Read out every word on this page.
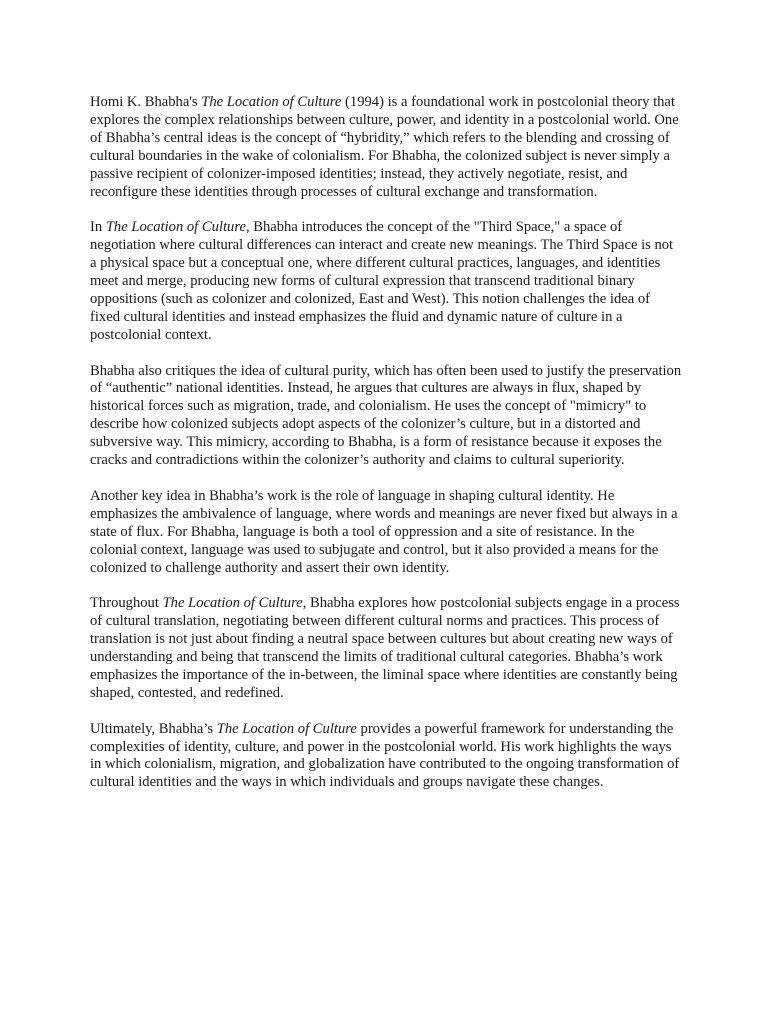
Homi K. Bhabha's The Location of Culture (1994) is a foundational work in postcolonial theory that explores the complex relationships between culture, power, and identity in a postcolonial world. One of Bhabha’s central ideas is the concept of “hybridity,” which refers to the blending and crossing of cultural boundaries in the wake of colonialism. For Bhabha, the colonized subject is never simply a passive recipient of colonizer-imposed identities; instead, they actively negotiate, resist, and reconfigure these identities through processes of cultural exchange and transformation.

In The Location of Culture, Bhabha introduces the concept of the "Third Space," a space of negotiation where cultural differences can interact and create new meanings. The Third Space is not a physical space but a conceptual one, where different cultural practices, languages, and identities meet and merge, producing new forms of cultural expression that transcend traditional binary oppositions (such as colonizer and colonized, East and West). This notion challenges the idea of fixed cultural identities and instead emphasizes the fluid and dynamic nature of culture in a postcolonial context.

Bhabha also critiques the idea of cultural purity, which has often been used to justify the preservation of “authentic” national identities. Instead, he argues that cultures are always in flux, shaped by historical forces such as migration, trade, and colonialism. He uses the concept of "mimicry" to describe how colonized subjects adopt aspects of the colonizer’s culture, but in a distorted and subversive way. This mimicry, according to Bhabha, is a form of resistance because it exposes the cracks and contradictions within the colonizer’s authority and claims to cultural superiority.

Another key idea in Bhabha’s work is the role of language in shaping cultural identity. He emphasizes the ambivalence of language, where words and meanings are never fixed but always in a state of flux. For Bhabha, language is both a tool of oppression and a site of resistance. In the colonial context, language was used to subjugate and control, but it also provided a means for the colonized to challenge authority and assert their own identity.

Throughout The Location of Culture, Bhabha explores how postcolonial subjects engage in a process of cultural translation, negotiating between different cultural norms and practices. This process of translation is not just about finding a neutral space between cultures but about creating new ways of understanding and being that transcend the limits of traditional cultural categories. Bhabha’s work emphasizes the importance of the in-between, the liminal space where identities are constantly being shaped, contested, and redefined.

Ultimately, Bhabha’s The Location of Culture provides a powerful framework for understanding the complexities of identity, culture, and power in the postcolonial world. His work highlights the ways in which colonialism, migration, and globalization have contributed to the ongoing transformation of cultural identities and the ways in which individuals and groups navigate these changes.
